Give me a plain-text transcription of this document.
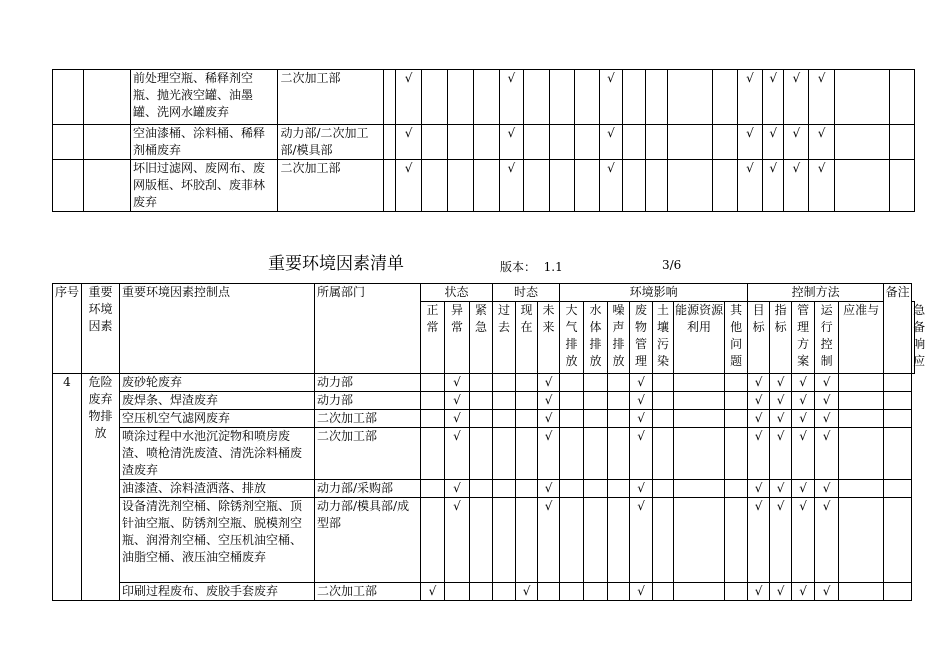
		前处理空瓶、稀释剂空瓶、抛光液空罐、油墨罐、洗网水罐废弃	二次加工部		√				√				√					√	√	√	√		
		空油漆桶、涂料桶、稀释剂桶废弃	动力部/二次加工部/模具部		√				√				√					√	√	√	√		
		坏旧过滤网、废网布、废网版框、坏胶刮、废菲林废弃	二次加工部		√				√				√					√	√	√	√		
重要环境因素清单	版本： 1.1	3/6
序号	重要环境因素	重要环境因素控制点	所属部门	状态			时态			环境影响							控制方法					备注	
				正常	异常	紧急	过去	现在	未来	大气排放	水体排放	噪声排放	废物管理	土壤污染	能源资源利用	其他问题	目标	指标	管理方案	运行控制	应准与		急备响应
4	危险废弃物排放	废砂轮废弃	动力部		√				√				√				√	√	√	√			
		废焊条、焊渣废弃	动力部		√				√				√				√	√	√	√			
		空压机空气滤网废弃	二次加工部		√				√				√				√	√	√	√			
		喷涂过程中水池沉淀物和喷房废渣、喷枪清洗废渣、清洗涂料桶废渣废弃	二次加工部		√				√				√				√	√	√	√			
		油漆渣、涂料渣洒落、排放	动力部/采购部		√				√				√				√	√	√	√			
		设备清洗剂空桶、除锈剂空瓶、顶针油空瓶、防锈剂空瓶、脱模剂空瓶、润滑剂空桶、空压机油空桶、油脂空桶、液压油空桶废弃	动力部/模具部/成型部		√				√				√				√	√	√	√			
		印刷过程废布、废胶手套废弃	二次加工部	√				√					√				√	√	√	√			
